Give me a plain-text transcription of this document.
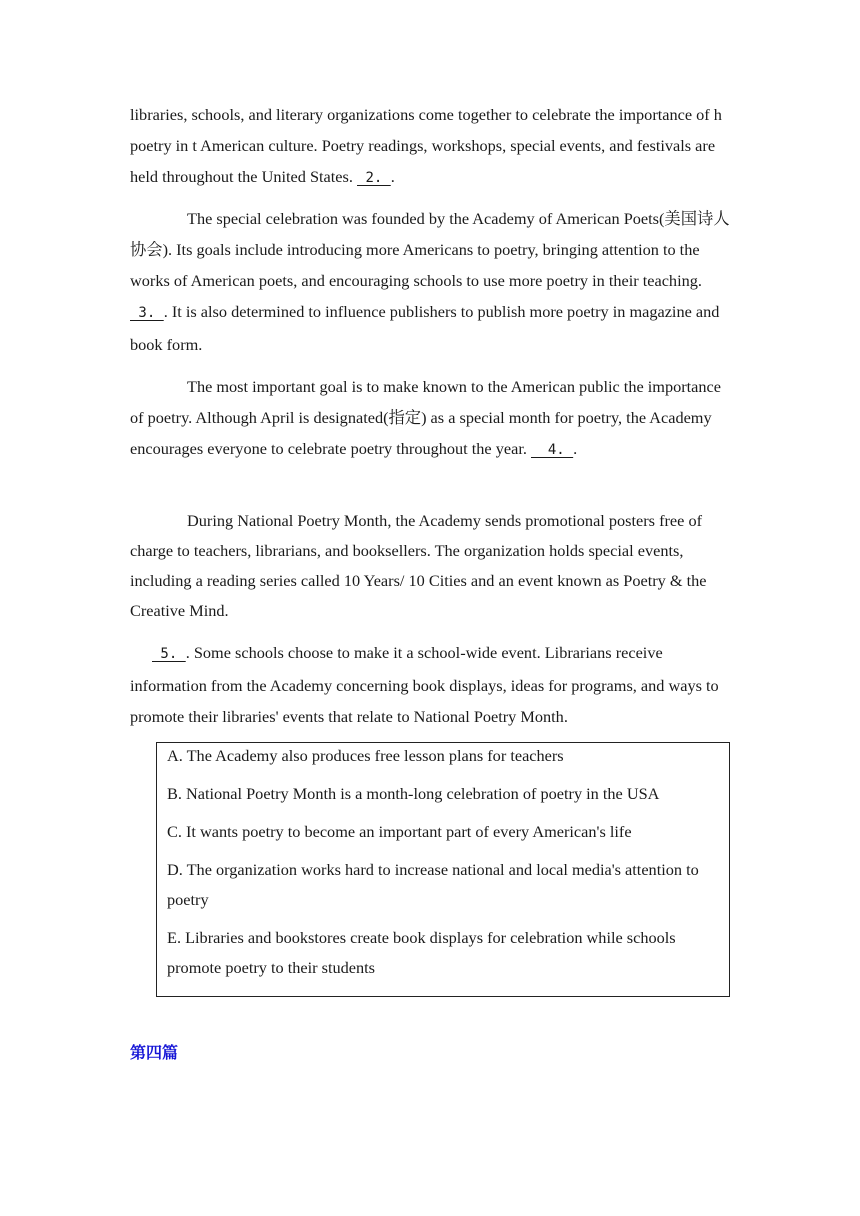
libraries, schools, and literary organizations come together to celebrate the importance of h poetry in t American culture. Poetry readings, workshops, special events, and festivals are held throughout the United States.  2. .

The special celebration was founded by the Academy of American Poets(美国诗人协会). Its goals include introducing more Americans to poetry, bringing attention to the works of American poets, and encouraging schools to use more poetry in their teaching.  3. . It is also determined to influence publishers to publish more poetry in magazine and book form.

The most important goal is to make known to the American public the importance of poetry. Although April is designated(指定) as a special month for poetry, the Academy encourages everyone to celebrate poetry throughout the year.   4. .

During National Poetry Month, the Academy sends promotional posters free of charge to teachers, librarians, and booksellers. The organization holds special events, including a reading series called 10 Years/ 10 Cities and an event known as Poetry & the Creative Mind.

5. . Some schools choose to make it a school-wide event. Librarians receive information from the Academy concerning book displays, ideas for programs, and ways to promote their libraries' events that relate to National Poetry Month.

A. The Academy also produces free lesson plans for teachers

B. National Poetry Month is a month-long celebration of poetry in the USA

C. It wants poetry to become an important part of every American's life

D. The organization works hard to increase national and local media's attention to poetry

E. Libraries and bookstores create book displays for celebration while schools promote poetry to their students

第四篇
